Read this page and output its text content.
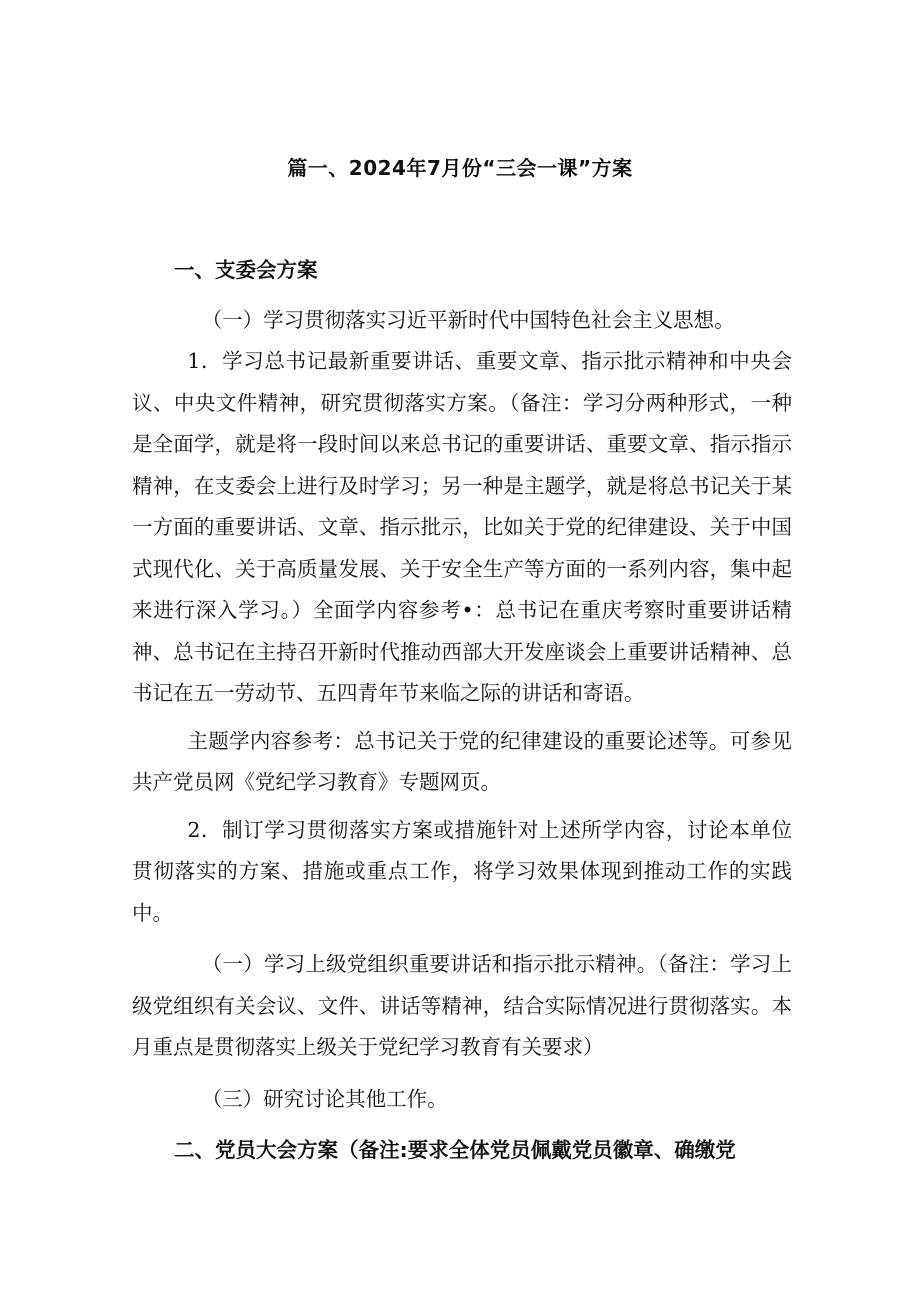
篇一、2024年7月份“三会一课”方案

一、支委会方案

（一）学习贯彻落实习近平新时代中国特色社会主义思想。

1．学习总书记最新重要讲话、重要文章、指示批示精神和中央会议、中央文件精神，研究贯彻落实方案。（备注：学习分两种形式，一种是全面学，就是将一段时间以来总书记的重要讲话、重要文章、指示指示精神，在支委会上进行及时学习；另一种是主题学，就是将总书记关于某一方面的重要讲话、文章、指示批示，比如关于党的纪律建设、关于中国式现代化、关于高质量发展、关于安全生产等方面的一系列内容，集中起来进行深入学习。）全面学内容参考•：总书记在重庆考察时重要讲话精神、总书记在主持召开新时代推动西部大开发座谈会上重要讲话精神、总书记在五一劳动节、五四青年节来临之际的讲话和寄语。

主题学内容参考：总书记关于党的纪律建设的重要论述等。可参见共产党员网《党纪学习教育》专题网页。

2．制订学习贯彻落实方案或措施针对上述所学内容，讨论本单位贯彻落实的方案、措施或重点工作，将学习效果体现到推动工作的实践中。

（一）学习上级党组织重要讲话和指示批示精神。（备注：学习上级党组织有关会议、文件、讲话等精神，结合实际情况进行贯彻落实。本月重点是贯彻落实上级关于党纪学习教育有关要求）

（三）研究讨论其他工作。

二、党员大会方案（备注:要求全体党员佩戴党员徽章、确缴党
